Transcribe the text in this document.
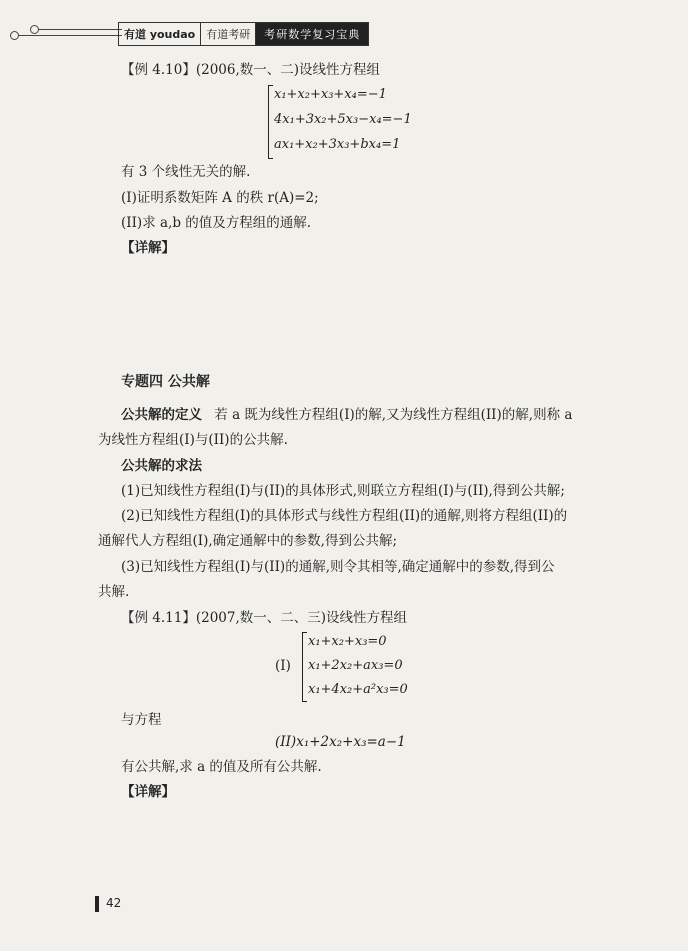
有道 youdao	有道考研	考研数学复习宝典
【例 4.10】(2006,数一、二)设线性方程组
x₁+x₂+x₃+x₄=−1
4x₁+3x₂+5x₃−x₄=−1
ax₁+x₂+3x₃+bx₄=1
有 3 个线性无关的解.
(I)证明系数矩阵 A 的秩 r(A)=2;
(II)求 a,b 的值及方程组的通解.
【详解】
专题四 公共解
公共解的定义 若 a 既为线性方程组(I)的解,又为线性方程组(II)的解,则称 a
为线性方程组(I)与(II)的公共解.
公共解的求法
(1)已知线性方程组(I)与(II)的具体形式,则联立方程组(I)与(II),得到公共解;
(2)已知线性方程组(I)的具体形式与线性方程组(II)的通解,则将方程组(II)的
通解代人方程组(I),确定通解中的参数,得到公共解;
(3)已知线性方程组(I)与(II)的通解,则令其相等,确定通解中的参数,得到公
共解.
【例 4.11】(2007,数一、二、三)设线性方程组
(I)
x₁+x₂+x₃=0
x₁+2x₂+ax₃=0
x₁+4x₂+a²x₃=0
与方程
(II)x₁+2x₂+x₃=a−1
有公共解,求 a 的值及所有公共解.
【详解】
42
